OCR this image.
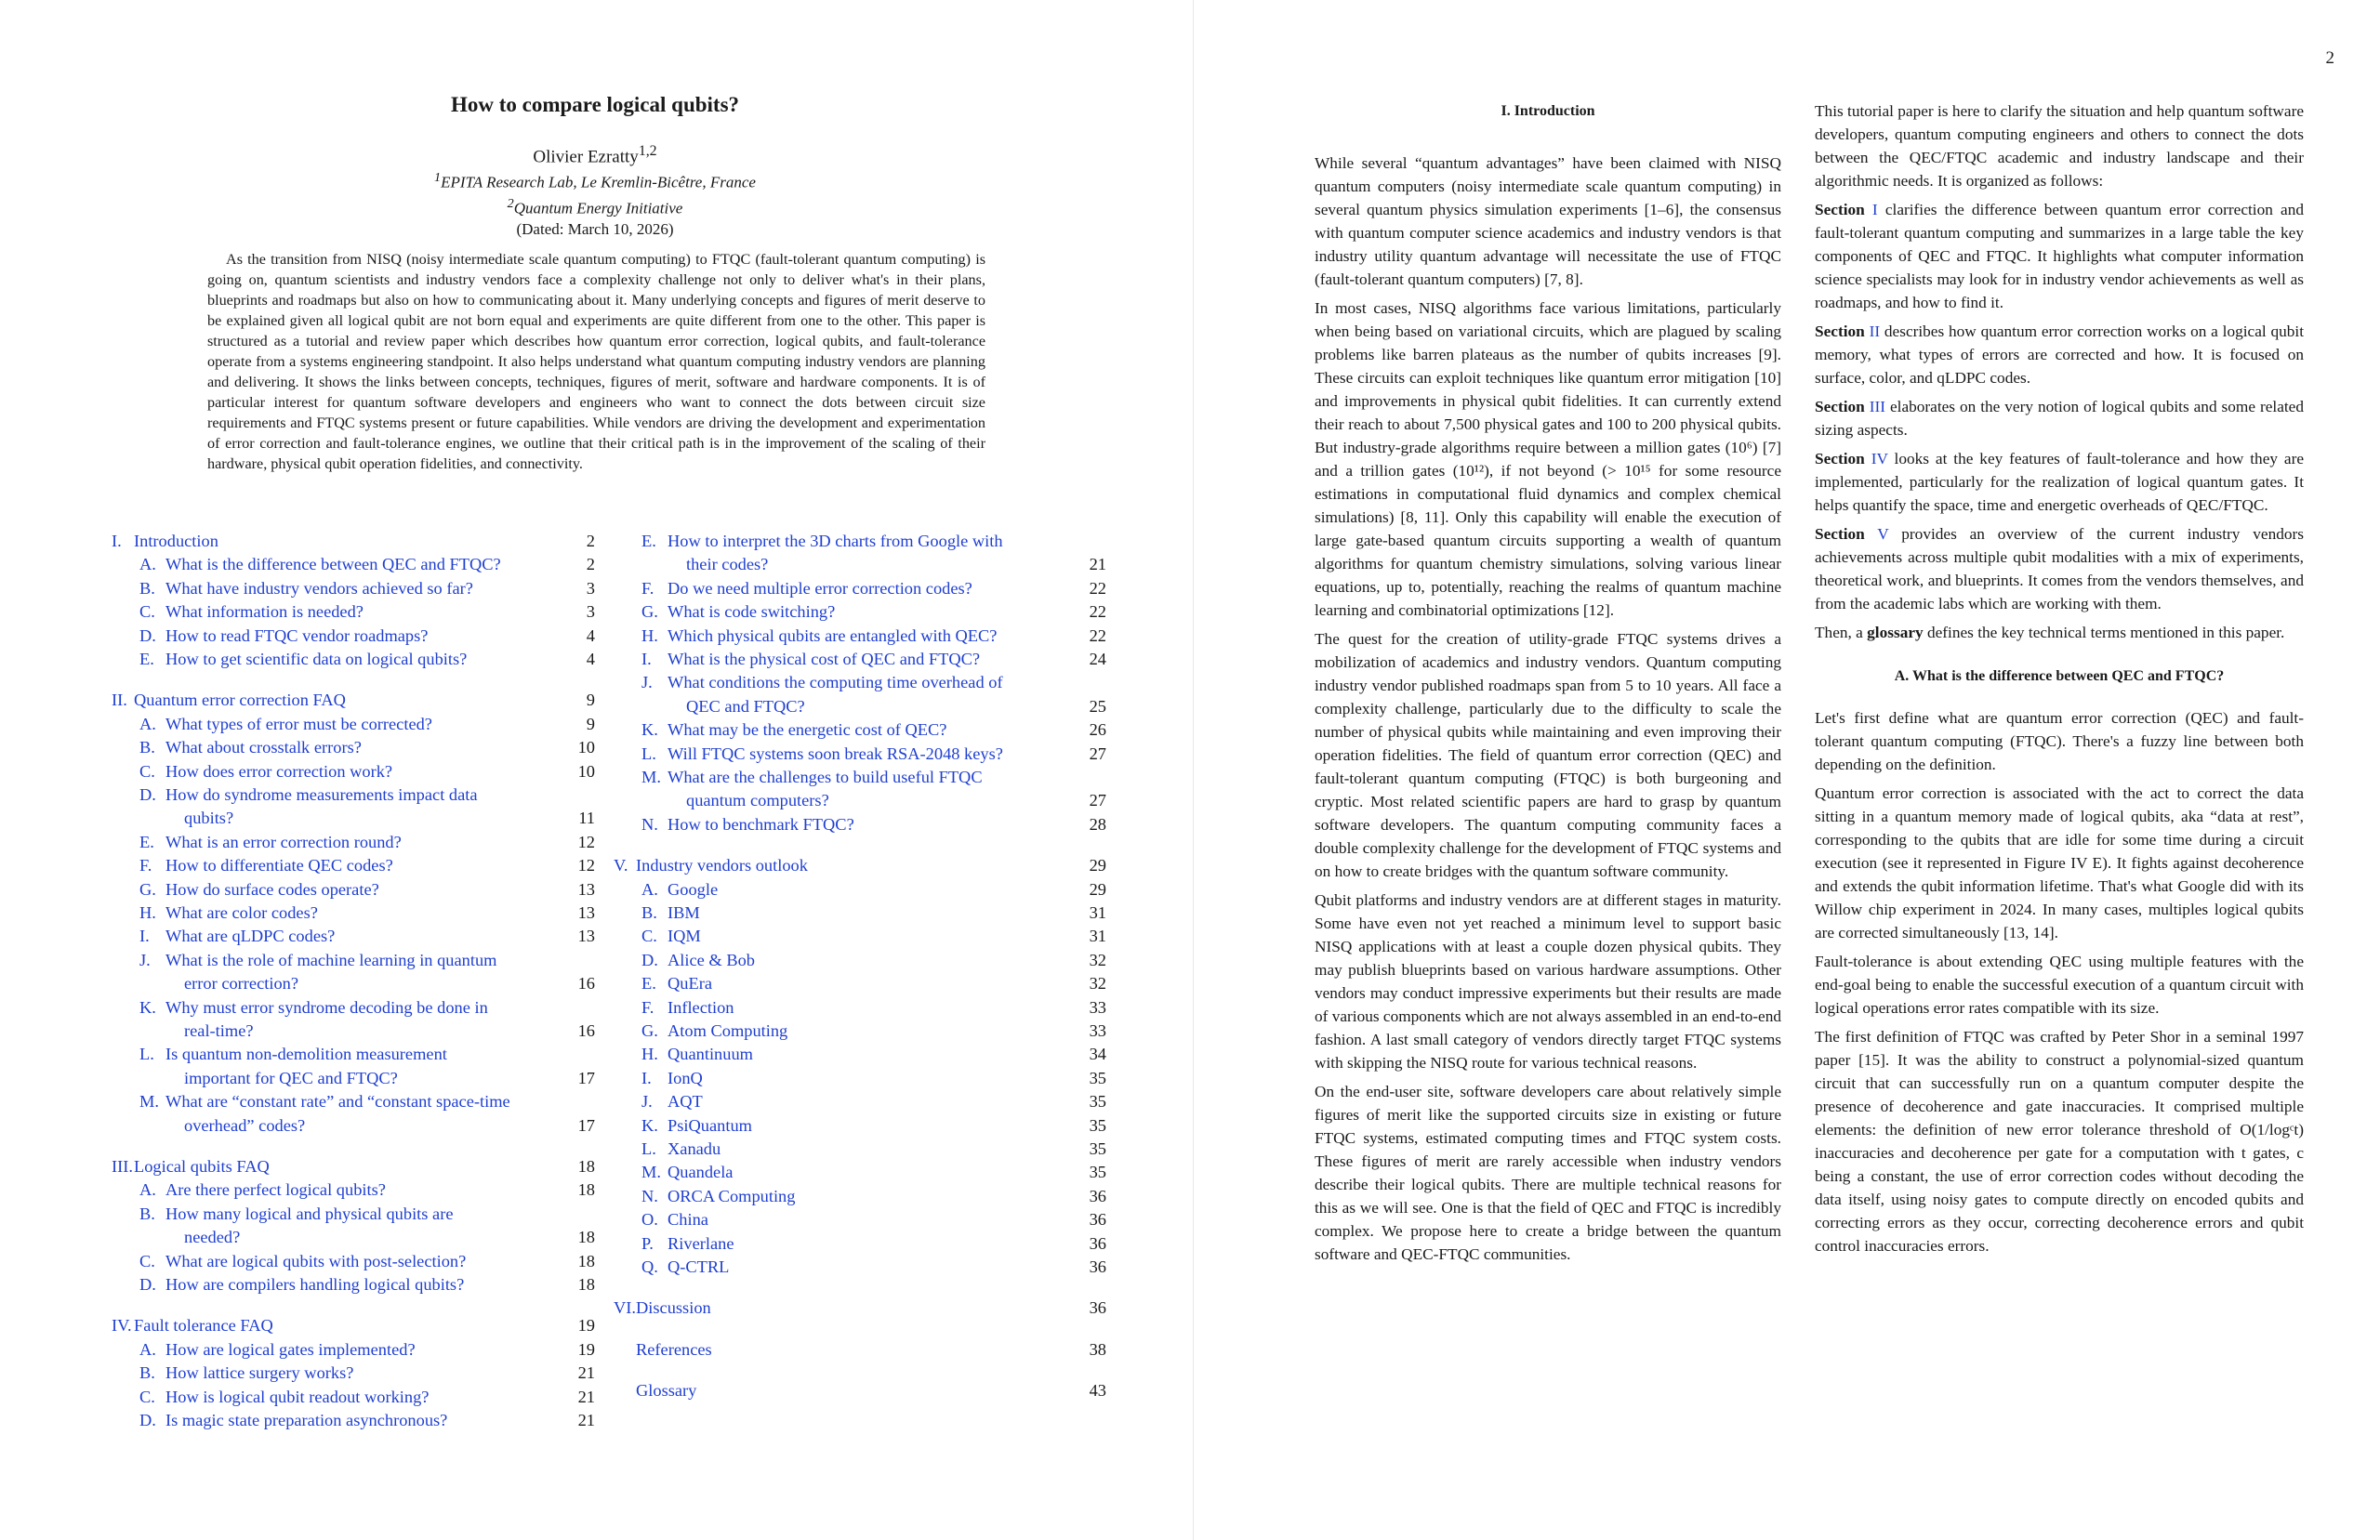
How to compare logical qubits?
Olivier Ezratty$^{1,2}$
$^1$EPITA Research Lab, Le Kremlin-Bicêtre, France
$^2$Quantum Energy Initiative
(Dated: March 10, 2026)

As the transition from NISQ (noisy intermediate scale quantum computing) to FTQC (fault-tolerant quantum computing) is going on, quantum scientists and industry vendors face a complexity challenge not only to deliver what's in their plans, blueprints and roadmaps but also on how to communicating about it. Many underlying concepts and figures of merit deserve to be explained given all logical qubit are not born equal and experiments are quite different from one to the other. This paper is structured as a tutorial and review paper which describes how quantum error correction, logical qubits, and fault-tolerance operate from a systems engineering standpoint. It also helps understand what quantum computing industry vendors are planning and delivering. It shows the links between concepts, techniques, figures of merit, software and hardware components. It is of particular interest for quantum software developers and engineers who want to connect the dots between circuit size requirements and FTQC systems present or future capabilities. While vendors are driving the development and experimentation of error correction and fault-tolerance engines, we outline that their critical path is in the improvement of the scaling of their hardware, physical qubit operation fidelities, and connectivity.

I. Introduction	2
A. What is the difference between QEC and FTQC?	2
B. What have industry vendors achieved so far?	3
C. What information is needed?	3
D. How to read FTQC vendor roadmaps?	4
E. How to get scientific data on logical qubits?	4
II. Quantum error correction FAQ	9
A. What types of error must be corrected?	9
B. What about crosstalk errors?	10
C. How does error correction work?	10
D. How do syndrome measurements impact data
qubits?	11
E. What is an error correction round?	12
F. How to differentiate QEC codes?	12
G. How do surface codes operate?	13
H. What are color codes?	13
I. What are qLDPC codes?	13
J. What is the role of machine learning in quantum
error correction?	16
K. Why must error syndrome decoding be done in
real-time?	16
L. Is quantum non-demolition measurement
important for QEC and FTQC?	17
M. What are “constant rate” and “constant space-time
overhead” codes?	17
III. Logical qubits FAQ	18
A. Are there perfect logical qubits?	18
B. How many logical and physical qubits are
needed?	18
C. What are logical qubits with post-selection?	18
D. How are compilers handling logical qubits?	18
IV. Fault tolerance FAQ	19
A. How are logical gates implemented?	19
B. How lattice surgery works?	21
C. How is logical qubit readout working?	21
D. Is magic state preparation asynchronous?	21
E. How to interpret the 3D charts from Google with
their codes?	21
F. Do we need multiple error correction codes?	22
G. What is code switching?	22
H. Which physical qubits are entangled with QEC?	22
I. What is the physical cost of QEC and FTQC?	24
J. What conditions the computing time overhead of
QEC and FTQC?	25
K. What may be the energetic cost of QEC?	26
L. Will FTQC systems soon break RSA-2048 keys?	27
M. What are the challenges to build useful FTQC
quantum computers?	27
N. How to benchmark FTQC?	28
V. Industry vendors outlook	29
A. Google	29
B. IBM	31
C. IQM	31
D. Alice & Bob	32
E. QuEra	32
F. Inflection	33
G. Atom Computing	33
H. Quantinuum	34
I. IonQ	35
J. AQT	35
K. PsiQuantum	35
L. Xanadu	35
M. Quandela	35
N. ORCA Computing	36
O. China	36
P. Riverlane	36
Q. Q-CTRL	36
VI. Discussion	36
References	38
Glossary	43
2
I. Introduction

While several “quantum advantages” have been claimed with NISQ quantum computers (noisy intermediate scale quantum computing) in several quantum physics simulation experiments [1–6], the consensus with quantum computer science academics and industry vendors is that industry utility quantum advantage will necessitate the use of FTQC (fault-tolerant quantum computers) [7, 8].

In most cases, NISQ algorithms face various limitations, particularly when being based on variational circuits, which are plagued by scaling problems like barren plateaus as the number of qubits increases [9]. These circuits can exploit techniques like quantum error mitigation [10] and improvements in physical qubit fidelities. It can currently extend their reach to about 7,500 physical gates and 100 to 200 physical qubits. But industry-grade algorithms require between a million gates (10⁶) [7] and a trillion gates (10¹²), if not beyond (> 10¹⁵ for some resource estimations in computational fluid dynamics and complex chemical simulations) [8, 11]. Only this capability will enable the execution of large gate-based quantum circuits supporting a wealth of quantum algorithms for quantum chemistry simulations, solving various linear equations, up to, potentially, reaching the realms of quantum machine learning and combinatorial optimizations [12].

The quest for the creation of utility-grade FTQC systems drives a mobilization of academics and industry vendors. Quantum computing industry vendor published roadmaps span from 5 to 10 years. All face a complexity challenge, particularly due to the difficulty to scale the number of physical qubits while maintaining and even improving their operation fidelities. The field of quantum error correction (QEC) and fault-tolerant quantum computing (FTQC) is both burgeoning and cryptic. Most related scientific papers are hard to grasp by quantum software developers. The quantum computing community faces a double complexity challenge for the development of FTQC systems and on how to create bridges with the quantum software community.

Qubit platforms and industry vendors are at different stages in maturity. Some have even not yet reached a minimum level to support basic NISQ applications with at least a couple dozen physical qubits. They may publish blueprints based on various hardware assumptions. Other vendors may conduct impressive experiments but their results are made of various components which are not always assembled in an end-to-end fashion. A last small category of vendors directly target FTQC systems with skipping the NISQ route for various technical reasons.

On the end-user site, software developers care about relatively simple figures of merit like the supported circuits size in existing or future FTQC systems, estimated computing times and FTQC system costs. These figures of merit are rarely accessible when industry vendors describe their logical qubits. There are multiple technical reasons for this as we will see. One is that the field of QEC and FTQC is incredibly complex. We propose here to create a bridge between the quantum software and QEC-FTQC communities.

This tutorial paper is here to clarify the situation and help quantum software developers, quantum computing engineers and others to connect the dots between the QEC/FTQC academic and industry landscape and their algorithmic needs. It is organized as follows:

Section I clarifies the difference between quantum error correction and fault-tolerant quantum computing and summarizes in a large table the key components of QEC and FTQC. It highlights what computer information science specialists may look for in industry vendor achievements as well as roadmaps, and how to find it.

Section II describes how quantum error correction works on a logical qubit memory, what types of errors are corrected and how. It is focused on surface, color, and qLDPC codes.

Section III elaborates on the very notion of logical qubits and some related sizing aspects.

Section IV looks at the key features of fault-tolerance and how they are implemented, particularly for the realization of logical quantum gates. It helps quantify the space, time and energetic overheads of QEC/FTQC.

Section V provides an overview of the current industry vendors achievements across multiple qubit modalities with a mix of experiments, theoretical work, and blueprints. It comes from the vendors themselves, and from the academic labs which are working with them.

Then, a glossary defines the key technical terms mentioned in this paper.

A. What is the difference between QEC and FTQC?

Let's first define what are quantum error correction (QEC) and fault-tolerant quantum computing (FTQC). There's a fuzzy line between both depending on the definition.

Quantum error correction is associated with the act to correct the data sitting in a quantum memory made of logical qubits, aka “data at rest”, corresponding to the qubits that are idle for some time during a circuit execution (see it represented in Figure IV E). It fights against decoherence and extends the qubit information lifetime. That's what Google did with its Willow chip experiment in 2024. In many cases, multiples logical qubits are corrected simultaneously [13, 14].

Fault-tolerance is about extending QEC using multiple features with the end-goal being to enable the successful execution of a quantum circuit with logical operations error rates compatible with its size.

The first definition of FTQC was crafted by Peter Shor in a seminal 1997 paper [15]. It was the ability to construct a polynomial-sized quantum circuit that can successfully run on a quantum computer despite the presence of decoherence and gate inaccuracies. It comprised multiple elements: the definition of new error tolerance threshold of O(1/logᶜt) inaccuracies and decoherence per gate for a computation with t gates, c being a constant, the use of error correction codes without decoding the data itself, using noisy gates to compute directly on encoded qubits and correcting errors as they occur, correcting decoherence errors and qubit control inaccuracies errors.
